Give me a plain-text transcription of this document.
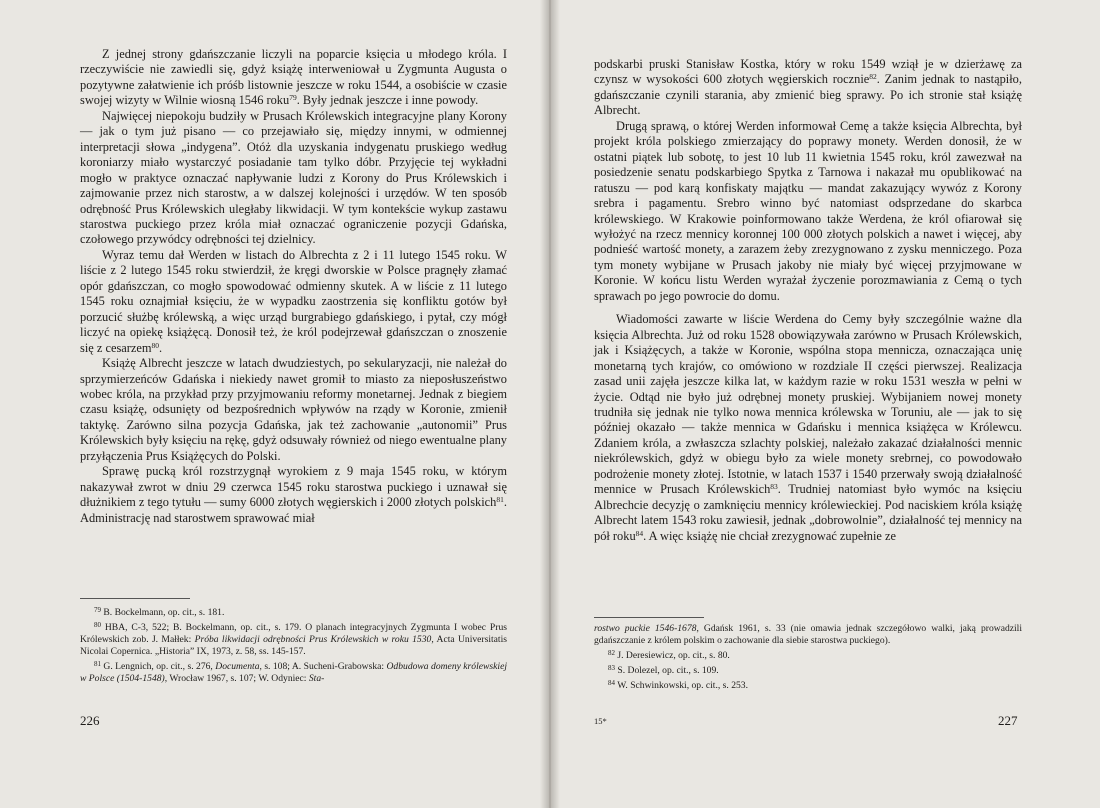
Z jednej strony gdańszczanie liczyli na poparcie księcia u młodego króla. I rzeczywiście nie zawiedli się, gdyż książę interweniował u Zygmunta Augusta o pozytywne załatwienie ich próśb listownie jeszcze w roku 1544, a osobiście w czasie swojej wizyty w Wilnie wiosną 1546 roku$^{79}$. Były jednak jeszcze i inne powody.

Najwięcej niepokoju budziły w Prusach Królewskich integracyjne plany Korony — jak o tym już pisano — co przejawiało się, między innymi, w odmiennej interpretacji słowa „indygena”. Otóż dla uzyskania indygenatu pruskiego według koroniarzy miało wystarczyć posiadanie tam tylko dóbr. Przyjęcie tej wykładni mogło w praktyce oznaczać napływanie ludzi z Korony do Prus Królewskich i zajmowanie przez nich starostw, a w dalszej kolejności i urzędów. W ten sposób odrębność Prus Królewskich uległaby likwidacji. W tym kontekście wykup zastawu starostwa puckiego przez króla miał oznaczać ograniczenie pozycji Gdańska, czołowego przywódcy odrębności tej dzielnicy.

Wyraz temu dał Werden w listach do Albrechta z 2 i 11 lutego 1545 roku. W liście z 2 lutego 1545 roku stwierdził, że kręgi dworskie w Polsce pragnęły złamać opór gdańszczan, co mogło spowodować odmienny skutek. A w liście z 11 lutego 1545 roku oznajmiał księciu, że w wypadku zaostrzenia się konfliktu gotów był porzucić służbę królewską, a więc urząd burgrabiego gdańskiego, i pytał, czy mógł liczyć na opiekę książęcą. Donosił też, że król podejrzewał gdańszczan o znoszenie się z cesarzem$^{80}$.

Książę Albrecht jeszcze w latach dwudziestych, po sekularyzacji, nie należał do sprzymierzeńców Gdańska i niekiedy nawet gromił to miasto za nieposłuszeństwo wobec króla, na przykład przy przyjmowaniu reformy monetarnej. Jednak z biegiem czasu książę, odsunięty od bezpośrednich wpływów na rządy w Koronie, zmienił taktykę. Zarówno silna pozycja Gdańska, jak też zachowanie „autonomii” Prus Królewskich były księciu na rękę, gdyż odsuwały również od niego ewentualne plany przyłączenia Prus Książęcych do Polski.

Sprawę pucką król rozstrzygnął wyrokiem z 9 maja 1545 roku, w którym nakazywał zwrot w dniu 29 czerwca 1545 roku starostwa puckiego i uznawał się dłużnikiem z tego tytułu — sumy 6000 złotych węgierskich i 2000 złotych polskich$^{81}$. Administrację nad starostwem sprawować miał

$^{79}$ B. Bockelmann, op. cit., s. 181.

$^{80}$ HBA, C-3, 522; B. Bockelmann, op. cit., s. 179. O planach integracyjnych Zygmunta I wobec Prus Królewskich zob. J. Małłek: Próba likwidacji odrębności Prus Królewskich w roku 1530, Acta Universitatis Nicolai Copernica. „Historia” IX, 1973, z. 58, ss. 145-157.

$^{81}$ G. Lengnich, op. cit., s. 276, Documenta, s. 108; A. Sucheni-Grabowska: Odbudowa domeny królewskiej w Polsce (1504-1548), Wrocław 1967, s. 107; W. Odyniec: Sta-

226

podskarbi pruski Stanisław Kostka, który w roku 1549 wziął je w dzierżawę za czynsz w wysokości 600 złotych węgierskich rocznie$^{82}$. Zanim jednak to nastąpiło, gdańszczanie czynili starania, aby zmienić bieg sprawy. Po ich stronie stał książę Albrecht.

Drugą sprawą, o której Werden informował Cemę a także księcia Albrechta, był projekt króla polskiego zmierzający do poprawy monety. Werden donosił, że w ostatni piątek lub sobotę, to jest 10 lub 11 kwietnia 1545 roku, król zawezwał na posiedzenie senatu podskarbiego Spytka z Tarnowa i nakazał mu opublikować na ratuszu — pod karą konfiskaty majątku — mandat zakazujący wywóz z Korony srebra i pagamentu. Srebro winno być natomiast odsprzedane do skarbca królewskiego. W Krakowie poinformowano także Werdena, że król ofiarował się wyłożyć na rzecz mennicy koronnej 100 000 złotych polskich a nawet i więcej, aby podnieść wartość monety, a zarazem żeby zrezygnowano z zysku menniczego. Poza tym monety wybijane w Prusach jakoby nie miały być więcej przyjmowane w Koronie. W końcu listu Werden wyrażał życzenie porozmawiania z Cemą o tych sprawach po jego powrocie do domu.

Wiadomości zawarte w liście Werdena do Cemy były szczególnie ważne dla księcia Albrechta. Już od roku 1528 obowiązywała zarówno w Prusach Królewskich, jak i Książęcych, a także w Koronie, wspólna stopa mennicza, oznaczająca unię monetarną tych krajów, co omówiono w rozdziale II części pierwszej. Realizacja zasad unii zajęła jeszcze kilka lat, w każdym razie w roku 1531 weszła w pełni w życie. Odtąd nie było już odrębnej monety pruskiej. Wybijaniem nowej monety trudniła się jednak nie tylko nowa mennica królewska w Toruniu, ale — jak to się później okazało — także mennica w Gdańsku i mennica książęca w Królewcu. Zdaniem króla, a zwłaszcza szlachty polskiej, należało zakazać działalności mennic niekrólewskich, gdyż w obiegu było za wiele monety srebrnej, co powodowało podrożenie monety złotej. Istotnie, w latach 1537 i 1540 przerwały swoją działalność mennice w Prusach Królewskich$^{83}$. Trudniej natomiast było wymóc na księciu Albrechcie decyzję o zamknięciu mennicy królewieckiej. Pod naciskiem króla książę Albrecht latem 1543 roku zawiesił, jednak „dobrowolnie”, działalność tej mennicy na pół roku$^{84}$. A więc książę nie chciał zrezygnować zupełnie ze

rostwo puckie 1546-1678, Gdańsk 1961, s. 33 (nie omawia jednak szczegółowo walki, jaką prowadzili gdańszczanie z królem polskim o zachowanie dla siebie starostwa puckiego).

$^{82}$ J. Deresiewicz, op. cit., s. 80.

$^{83}$ S. Dolezel, op. cit., s. 109.

$^{84}$ W. Schwinkowski, op. cit., s. 253.

15*	227
